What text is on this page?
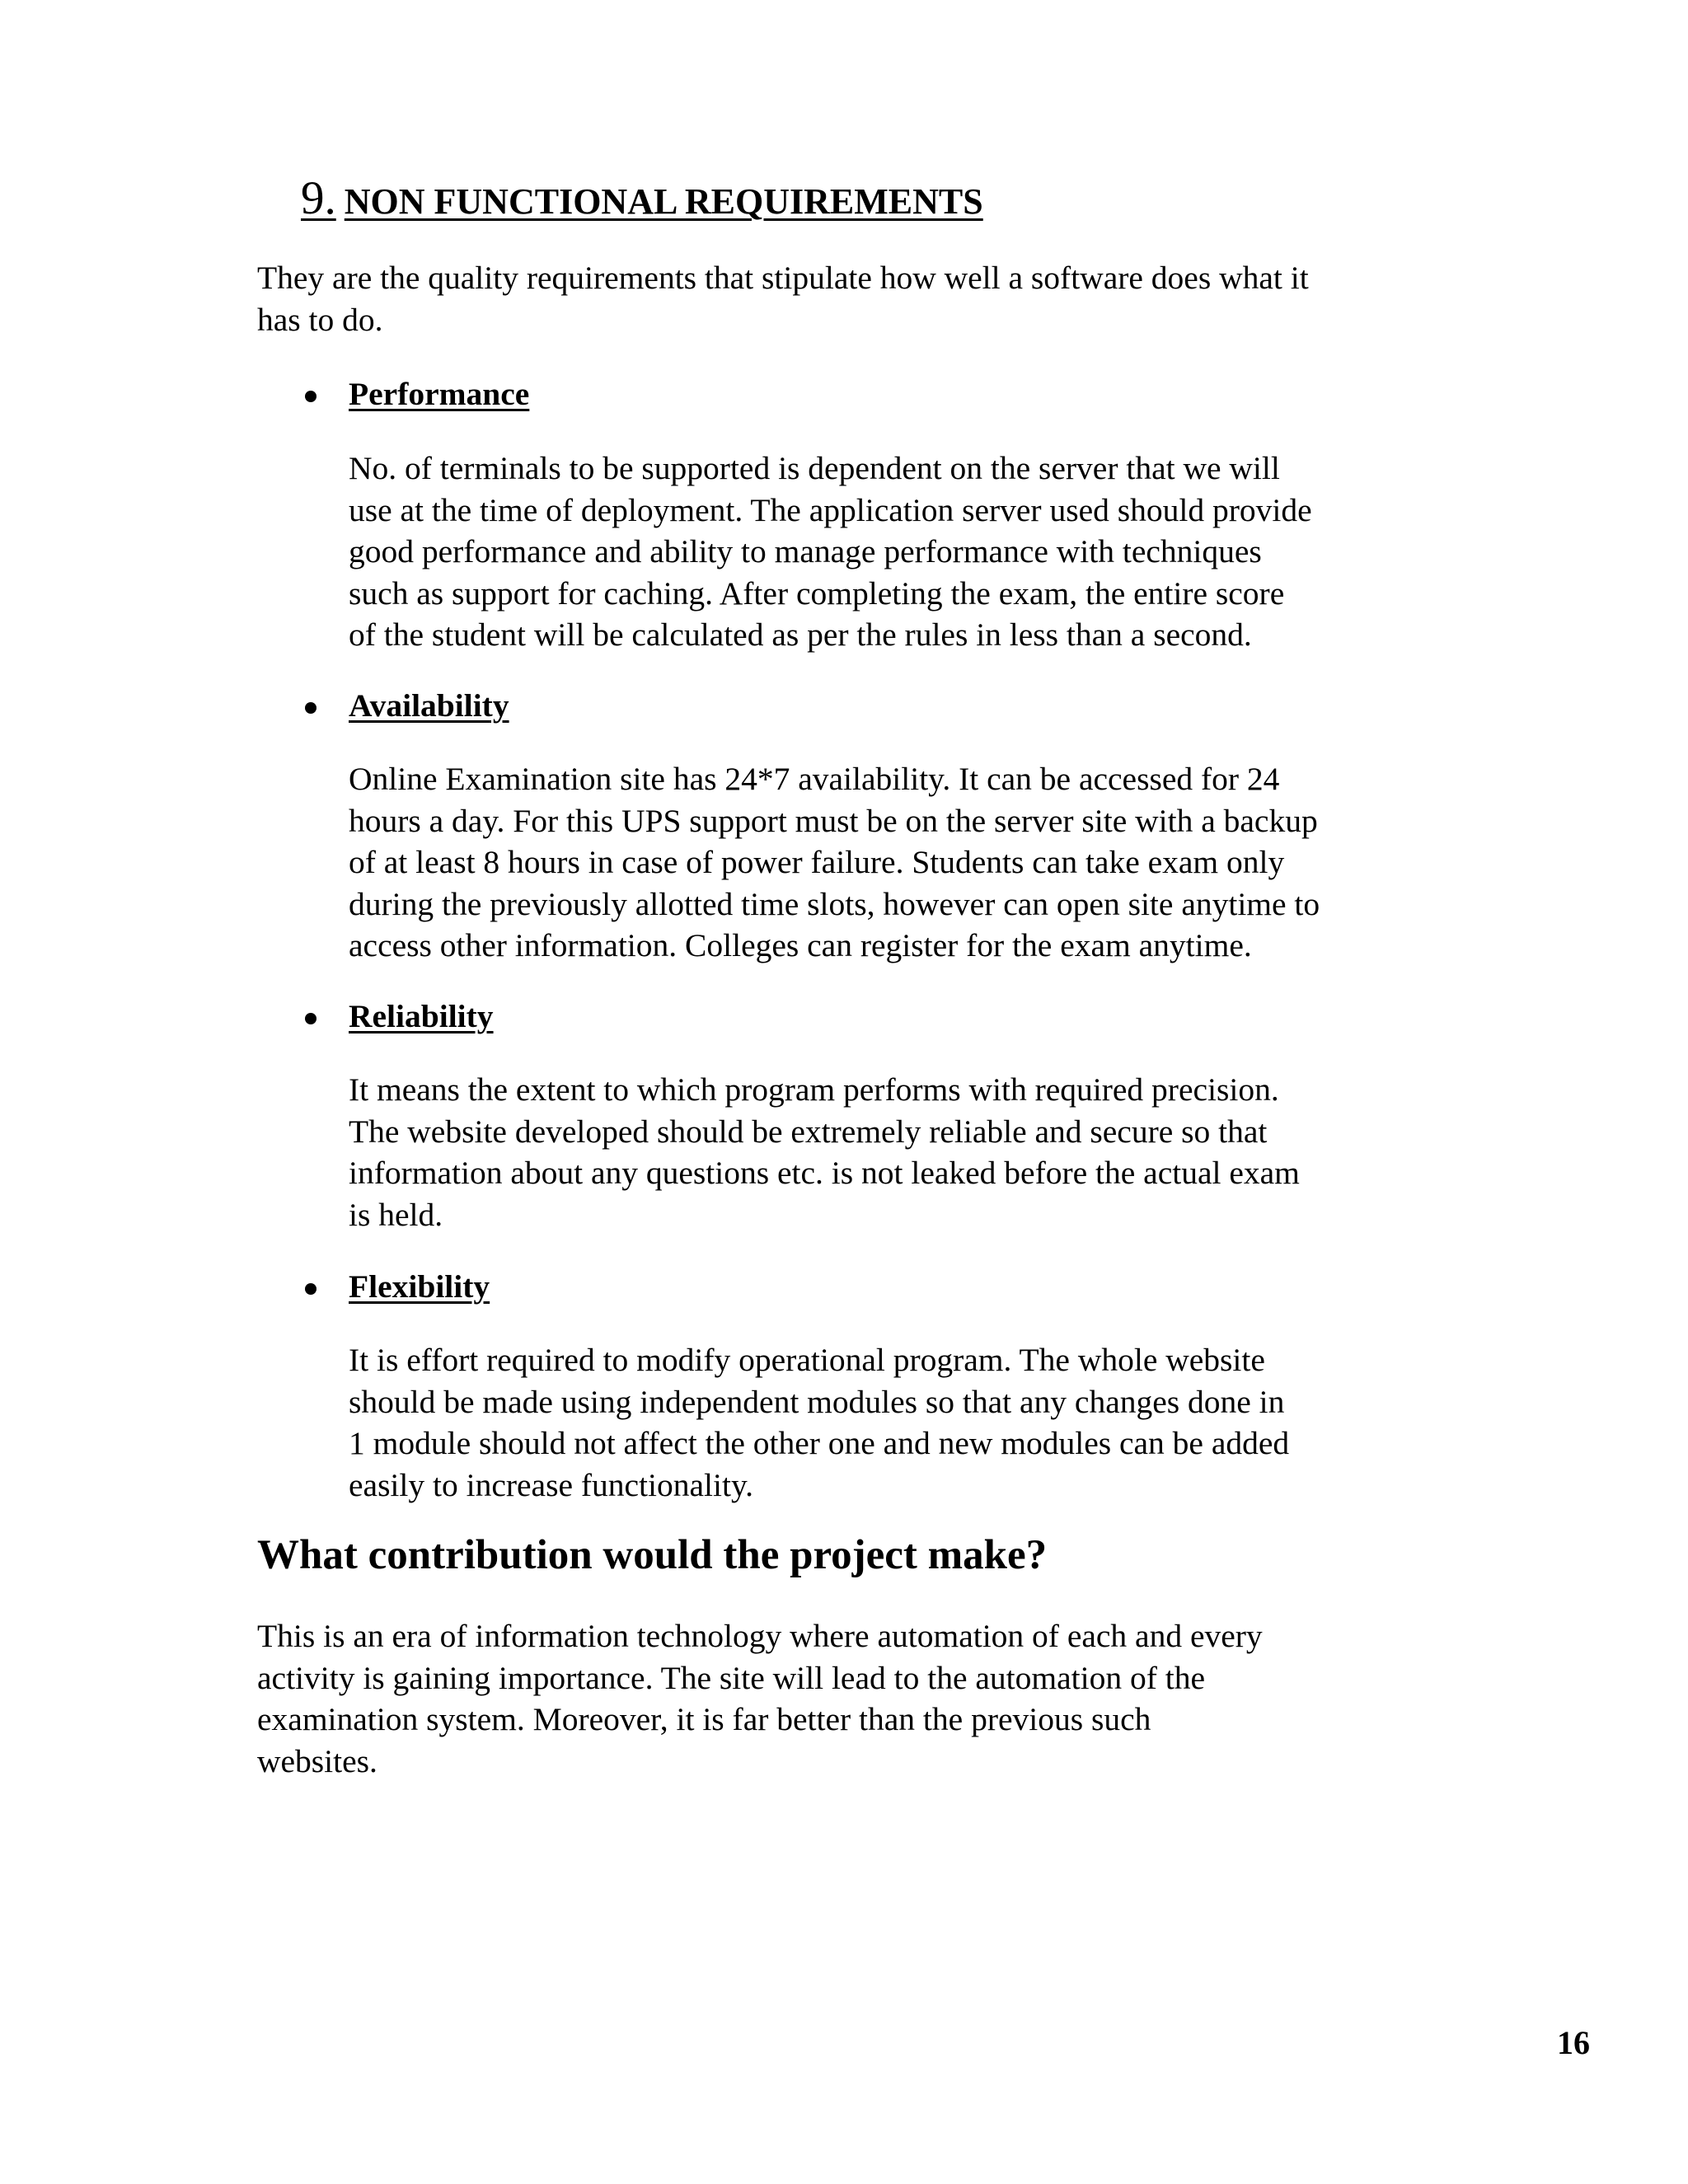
9. NON FUNCTIONAL REQUIREMENTS
They are the quality requirements that stipulate how well a software does what it
has to do.
Performance
No. of terminals to be supported is dependent on the server that we will
use at the time of deployment. The application server used should provide
good performance and ability to manage performance with techniques
such as support for caching. After completing the exam, the entire score
of the student will be calculated as per the rules in less than a second.
Availability
Online Examination site has 24*7 availability. It can be accessed for 24
hours a day. For this UPS support must be on the server site with a backup
of at least 8 hours in case of power failure. Students can take exam only
during the previously allotted time slots, however can open site anytime to
access other information. Colleges can register for the exam anytime.
Reliability
It means the extent to which program performs with required precision.
The website developed should be extremely reliable and secure so that
information about any questions etc. is not leaked before the actual exam
is held.
Flexibility
It is effort required to modify operational program. The whole website
should be made using independent modules so that any changes done in
1 module should not affect the other one and new modules can be added
easily to increase functionality.
What contribution would the project make?
This is an era of information technology where automation of each and every
activity is gaining importance. The site will lead to the automation of the
examination system. Moreover, it is far better than the previous such
websites.
16
